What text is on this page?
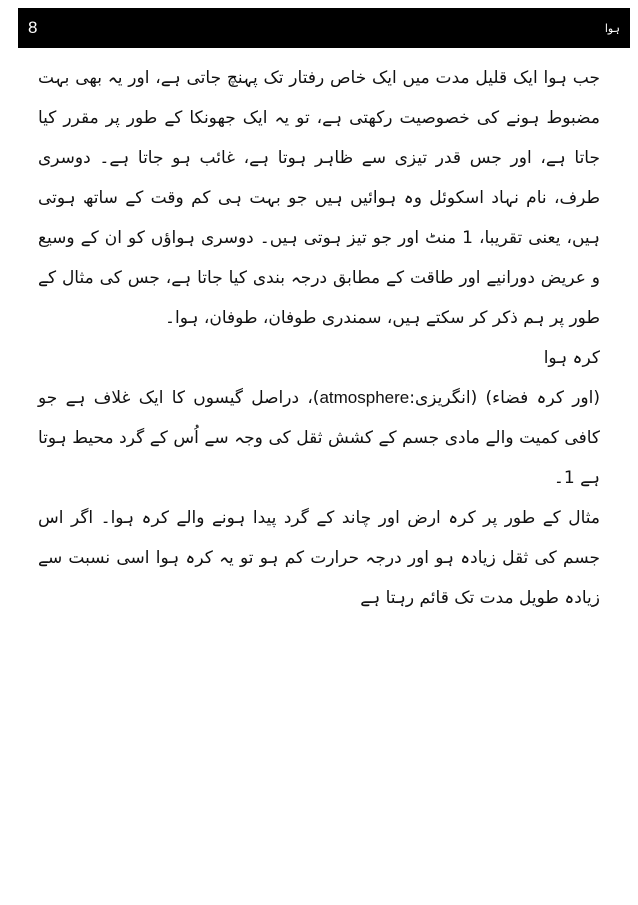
8	ہوا

جب ہوا ایک قلیل مدت میں ایک خاص رفتار تک پہنچ جاتی ہے، اور یہ بھی بہت مضبوط ہونے کی خصوصیت رکھتی ہے، تو یہ ایک جھونکا کے طور پر مقرر کیا جاتا ہے، اور جس قدر تیزی سے ظاہر ہوتا ہے، غائب ہو جاتا ہے۔ دوسری طرف، نام نہاد اسکوئل وہ ہوائیں ہیں جو بہت ہی کم وقت کے ساتھ ہوتی ہیں، یعنی تقریبا، 1 منٹ اور جو تیز ہوتی ہیں۔ دوسری ہواؤں کو ان کے وسیع و عریض دورانیے اور طاقت کے مطابق درجہ بندی کیا جاتا ہے، جس کی مثال کے طور پر ہم ذکر کر سکتے ہیں، سمندری طوفان، طوفان، ہوا۔

کرہ ہوا

(اور کرہ فضاء) (انگریزی:atmosphere)، دراصل گیسوں کا ایک غلاف ہے جو کافی کمیت والے مادی جسم کے کشش ثقل کی وجہ سے اُس کے گرد محیط ہوتا ہے 1۔

مثال کے طور پر کرہ ارض اور چاند کے گرد پیدا ہونے والے کرہ ہوا۔ اگر اس جسم کی ثقل زیادہ ہو اور درجہ حرارت کم ہو تو یہ کرہ ہوا اسی نسبت سے زیادہ طویل مدت تک قائم رہتا ہے
